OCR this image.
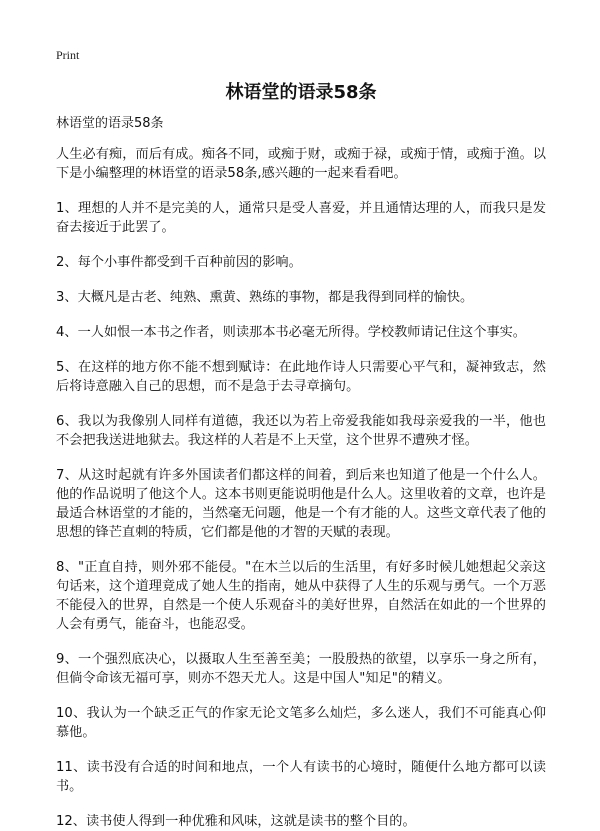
Print
林语堂的语录58条
林语堂的语录58条

人生必有痴，而后有成。痴各不同，或痴于财，或痴于禄，或痴于情，或痴于渔。以下是小编整理的林语堂的语录58条,感兴趣的一起来看看吧。

1、理想的人并不是完美的人，通常只是受人喜爱，并且通情达理的人，而我只是发奋去接近于此罢了。

2、每个小事件都受到千百种前因的影响。

3、大概凡是古老、纯熟、熏黄、熟练的事物，都是我得到同样的愉快。

4、一人如恨一本书之作者，则读那本书必毫无所得。学校教师请记住这个事实。

5、在这样的地方你不能不想到赋诗：在此地作诗人只需要心平气和，凝神致志，然后将诗意融入自己的思想，而不是急于去寻章摘句。

6、我以为我像别人同样有道德，我还以为若上帝爱我能如我母亲爱我的一半，他也不会把我送进地狱去。我这样的人若是不上天堂，这个世界不遭殃才怪。

7、从这时起就有许多外国读者们都这样的间着，到后来也知道了他是一个什么人。他的作品说明了他这个人。这本书则更能说明他是什么人。这里收着的文章，也许是最适合林语堂的才能的，当然毫无问题，他是一个有才能的人。这些文章代表了他的思想的锋芒直刺的特质，它们都是他的才智的天赋的表现。

8、"正直自持，则外邪不能侵。"在木兰以后的生活里，有好多时候儿她想起父亲这句话来，这个道理竟成了她人生的指南，她从中获得了人生的乐观与勇气。一个万恶不能侵入的世界，自然是一个使人乐观奋斗的美好世界，自然活在如此的一个世界的人会有勇气，能奋斗，也能忍受。

9、一个强烈底决心，以摄取人生至善至美；一股殷热的欲望，以享乐一身之所有，但倘令命该无福可享，则亦不怨天尤人。这是中国人"知足"的精义。

10、我认为一个缺乏正气的作家无论文笔多么灿烂，多么迷人，我们不可能真心仰慕他。

11、读书没有合适的时间和地点，一个人有读书的心境时，随便什么地方都可以读书。

12、读书使人得到一种优雅和风味，这就是读书的整个目的。
